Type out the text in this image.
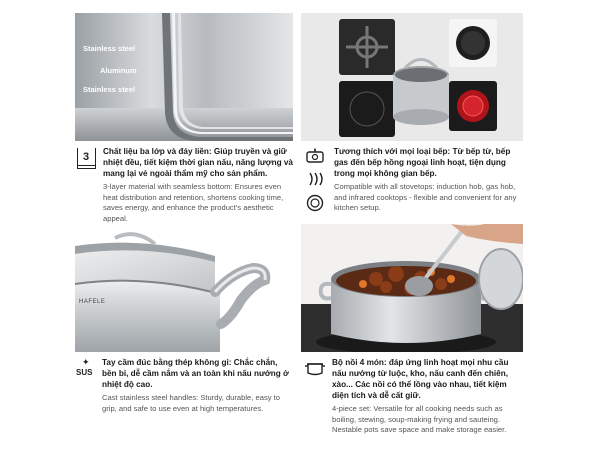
Stainless steel
Aluminum
Stainless steel
3	Chất liệu ba lớp và đáy liền: Giúp truyền và giữ nhiệt đều, tiết kiệm thời gian nấu, năng lượng và mang lại vẻ ngoài thẩm mỹ cho sản phẩm.

3-layer material with seamless bottom: Ensures even heat distribution and retention, shortens cooking time, saves energy, and enhance the product's aesthetic appeal.

Tương thích với mọi loại bếp: Từ bếp từ, bếp gas đến bếp hồng ngoại linh hoạt, tiện dụng trong mọi không gian bếp.

Compatible with all stovetops: induction hob, gas hob, and infrared cooktops - flexible and convenient for any kitchen setup.

HAFELE
✦
SUS

Tay cầm đúc bằng thép không gỉ: Chắc chắn, bền bỉ, dễ cầm nắm và an toàn khi nấu nướng ở nhiệt độ cao.

Cast stainless steel handles: Sturdy, durable, easy to grip, and safe to use even at high temperatures.

Bộ nồi 4 món: đáp ứng linh hoạt mọi nhu cầu nấu nướng từ luộc, kho, nấu canh đến chiên, xào... Các nồi có thể lồng vào nhau, tiết kiệm diện tích và dễ cất giữ.

4-piece set: Versatile for all cooking needs such as boiling, stewing, soup-making frying and sauteing. Nestable pots save space and make storage easier.
